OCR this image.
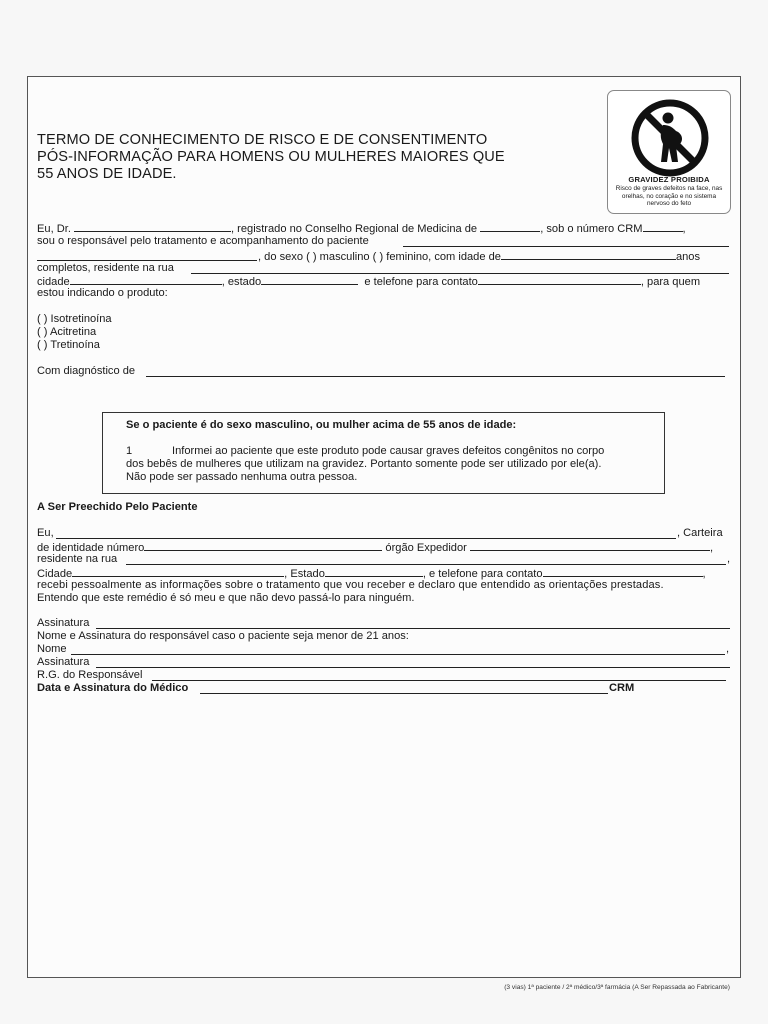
TERMO DE CONHECIMENTO DE RISCO E DE CONSENTIMENTO
PÓS-INFORMAÇÃO PARA HOMENS OU MULHERES MAIORES QUE
55 ANOS DE IDADE.	GRAVIDEZ PROIBIDA
Risco de graves defeitos na face, nas orelhas, no coração e no sistema nervoso do feto
Eu, Dr.	, registrado no Conselho Regional de Medicina de	, sob o número CRM	,
sou o responsável pelo tratamento e acompanhamento do paciente
, do sexo ( ) masculino ( ) feminino, com idade de	anos
completos, residente na rua
cidade	, estado	e telefone para contato	, para quem
estou indicando o produto:
( ) Isotretinoína
( ) Acitretina
( ) Tretinoína
Com diagnóstico de
Se o paciente é do sexo masculino, ou mulher acima de 55 anos de idade:
1	Informei ao paciente que este produto pode causar graves defeitos congênitos no corpo
dos bebês de mulheres que utilizam na gravidez. Portanto somente pode ser utilizado por ele(a).
Não pode ser passado nenhuma outra pessoa.
A Ser Preechido Pelo Paciente
Eu,	, Carteira
de identidade número	órgão Expedidor	,
residente na rua	,
Cidade	, Estado	, e telefone para contato	,
recebi pessoalmente as informações sobre o tratamento que vou receber e declaro que entendido as orientações prestadas.
Entendo que este remédio é só meu e que não devo passá-lo para ninguém.
Assinatura
Nome e Assinatura do responsável caso o paciente seja menor de 21 anos:
Nome	,
Assinatura
R.G. do Responsável
Data e Assinatura do Médico	CRM
(3 vias) 1ª paciente / 2ª médico/3ª farmácia (A Ser Repassada ao Fabricante)
